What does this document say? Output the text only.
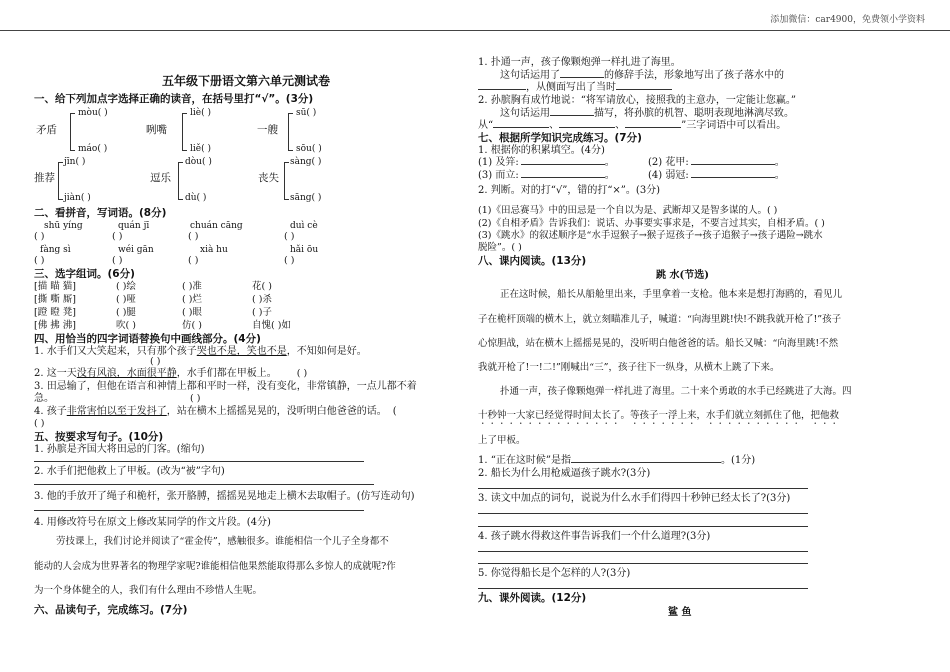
添加微信：car4900，免费领小学资料
五年级下册语文第六单元测试卷
一、给下列加点字选择正确的读音，在括号里打“√”。(3分)
mòu( )
máo( )
矛盾
liè( )
liě( )
咧嘴
sū( )
sōu( )
一艘
jīn( )
jiàn( )
推荐
dòu( )
dù( )
逗乐
sàng( )
sāng( )
丧失
二、看拼音，写词语。(8分)
shū yíng	quán jī	chuán cāng	duì cè
( )	( )	( )	( )
fàng sì	wéi gān	xià hu	hǎi ōu
( )	( )	( )	( )
三、选字组词。(6分)
[描 瞄 猫]	( )绘	( )准	花( )
[撕 嘶 厮]	( )哑	( )烂	( )杀
[蹬 瞪 凳]	( )腿	( )眼	( )子
[佛 拂 沸]	吹( )	仿( )	自愧( )如
四、用恰当的四字词语替换句中画线部分。(4分)
1. 水手们又大笑起来，只有那个孩子哭也不是，笑也不是，不知如何是好。
( )
2. 这一天没有风浪，水面很平静，水手们都在甲板上。 ( )
3. 田忌输了，但他在语言和神情上都和平时一样，没有变化，非常镇静，一点儿都不着
急。	( )
4. 孩子非常害怕以至于发抖了，站在横木上摇摇晃晃的，没听明白他爸爸的话。 (
( )
五、按要求写句子。(10分)
1. 孙膑是齐国大将田忌的门客。(缩句)
2. 水手们把他救上了甲板。(改为“被”字句)
3. 他的手放开了绳子和桅杆，张开胳膊，摇摇晃晃地走上横木去取帽子。(仿写连动句)
4. 用修改符号在原文上修改某同学的作文片段。(4分)
劳技课上，我们讨论并阅读了“霍金传”，感触很多。谁能相信一个儿子全身都不
能动的人会成为世界著名的物理学家呢?谁能相信他果然能取得那么多惊人的成就呢?作
为一个身体健全的人，我们有什么理由不珍惜人生呢。
六、品读句子，完成练习。(7分)
1. 扑通一声，孩子像颗炮弹一样扎进了海里。
这句话运用了	的修辞手法，形象地写出了孩子落水中的
，从侧面写出了当时
2. 孙膑胸有成竹地说：“将军请放心，接照我的主意办，一定能让您赢。”
这句话运用	描写，将孙膑的机智、聪明表现地淋漓尽致。
从“	、	、	”三字词语中可以看出。
七、根据所学知识完成练习。(7分)
1. 根据你的积累填空。(4分)
(1) 及笄:	。	(2) 花甲:	。
(3) 而立:	。	(4) 弱冠:	。
2. 判断。对的打“√”，错的打“×”。(3分)
(1)《田忌赛马》中的田忌是一个自以为是、武断却又是智多谋的人。( )
(2)《自相矛盾》告诉我们：说话、办事要实事求是，不要言过其实，自相矛盾。( )
(3)《跳水》的叙述顺序是“水手逗猴子→猴子逗孩子→孩子追猴子→孩子遇险→跳水
脱险”。( )
八、课内阅读。(13分)
跳 水(节选)
正在这时候，船长从船舱里出来，手里拿着一支枪。他本来是想打海鸥的，看见儿
子在桅杆顶端的横木上，就立刻瞄准儿子，喊道：“向海里跳!快!不跳我就开枪了!”孩子
心惊胆战，站在横木上摇摇晃晃的，没听明白他爸爸的话。船长又喊：“向海里跳!不然
我就开枪了!一!二!”刚喊出“三”，孩子往下一纵身，从横木上跳了下来。
扑通一声，孩子像颗炮弹一样扎进了海里。二十来个勇敢的水手已经跳进了大海。四
十秒钟一大家已经觉得时间太长了。等孩子一浮上来，水手们就立刻抓住了他，把他救
上了甲板。
1. “正在这时候”是指	。(1分)
2. 船长为什么用枪威逼孩子跳水?(3分)
3. 读文中加点的词句，说说为什么水手们得四十秒钟已经太长了?(3分)
4. 孩子跳水得救这件事告诉我们一个什么道理?(3分)
5. 你觉得船长是个怎样的人?(3分)
九、课外阅读。(12分)
鲨 鱼
